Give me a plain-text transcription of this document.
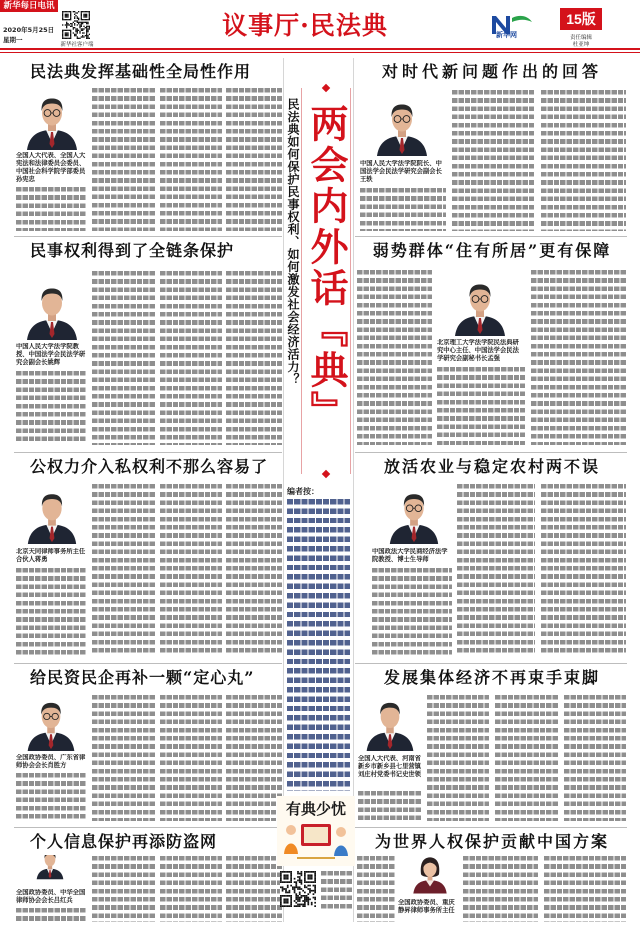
新华每日电讯
2020年5月25日
星期一
新华社客户端
议事厅·民法典	新华网
15版
责任编辑
杜亚坤
民法典发挥基础性全局性作用
全国人大代表、全国人大宪法和法律委员会委员、中国社会科学院学部委员孙宪忠
民事权利得到了全链条保护
中国人民大学法学院教授、中国法学会民法学研究会副会长姚辉
公权力介入私权利不那么容易了
北京天同律师事务所主任合伙人蒋勇
给民资民企再补一颗“定心丸”
全国政协委员、广东省律师协会会长肖胜方
个人信息保护再添防盗网
全国政协委员、中华全国律师协会会长吕红兵
民法典如何保护民事权利、如何激发社会经济活力？ 两会内外话『典』
编者按：
有典少忧
对时代新问题作出的回答
中国人民大学法学院院长、中国法学会民法学研究会副会长王轶
弱势群体“住有所居”更有保障
北京理工大学法学院民法典研究中心主任、中国法学会民法学研究会副秘书长孟强
放活农业与稳定农村两不误
中国政法大学民商经济法学院教授、博士生导师
发展集体经济不再束手束脚
全国人大代表、河南省新乡市新乡县七里营镇刘庄村党委书记史世领
为世界人权保护贡献中国方案
全国政协委员、重庆静昇律师事务所主任
